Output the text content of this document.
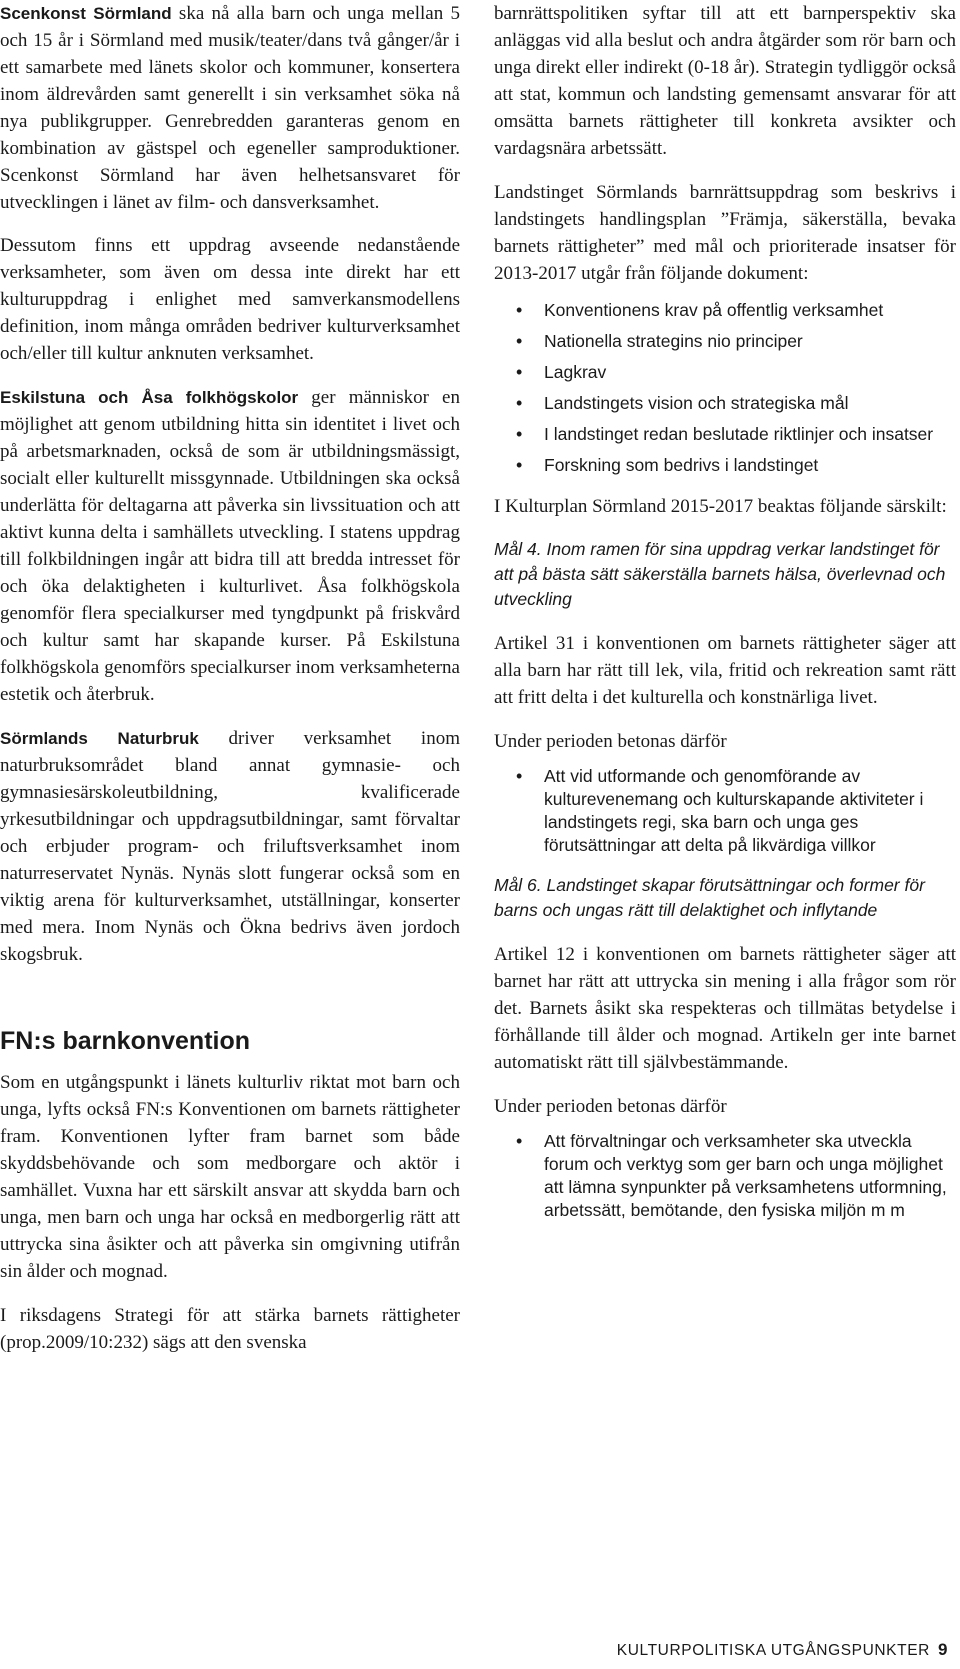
Scenkonst Sörmland ska nå alla barn och unga mellan 5 och 15 år i Sörmland med musik/teater/dans två gånger/år i ett samarbete med länets skolor och kommuner, konsertera inom äldrevården samt generellt i sin verksamhet söka nå nya publikgrupper. Genrebredden garanteras genom en kombination av gästspel och egeneller samproduktioner. Scenkonst Sörmland har även helhetsansvaret för utvecklingen i länet av film- och dansverksamhet.

Dessutom finns ett uppdrag avseende nedanstående verksamheter, som även om dessa inte direkt har ett kulturuppdrag i enlighet med samverkansmodellens definition, inom många områden bedriver kulturverksamhet och/eller till kultur anknuten verksamhet.

Eskilstuna och Åsa folkhögskolor ger människor en möjlighet att genom utbildning hitta sin identitet i livet och på arbetsmarknaden, också de som är utbildningsmässigt, socialt eller kulturellt missgynnade. Utbildningen ska också underlätta för deltagarna att påverka sin livssituation och att aktivt kunna delta i samhällets utveckling. I statens uppdrag till folkbildningen ingår att bidra till att bredda intresset för och öka delaktigheten i kulturlivet. Åsa folkhögskola genomför flera specialkurser med tyngdpunkt på friskvård och kultur samt har skapande kurser. På Eskilstuna folkhögskola genomförs specialkurser inom verksamheterna estetik och återbruk.

Sörmlands Naturbruk driver verksamhet inom naturbruksområdet bland annat gymnasie- och gymnasiesärskoleutbildning, kvalificerade yrkesutbildningar och uppdragsutbildningar, samt förvaltar och erbjuder program- och friluftsverksamhet inom naturreservatet Nynäs. Nynäs slott fungerar också som en viktig arena för kulturverksamhet, utställningar, konserter med mera. Inom Nynäs och Ökna bedrivs även jordoch skogsbruk.

FN:s barnkonvention

Som en utgångspunkt i länets kulturliv riktat mot barn och unga, lyfts också FN:s Konventionen om barnets rättigheter fram. Konventionen lyfter fram barnet som både skyddsbehövande och som medborgare och aktör i samhället. Vuxna har ett särskilt ansvar att skydda barn och unga, men barn och unga har också en medborgerlig rätt att uttrycka sina åsikter och att påverka sin omgivning utifrån sin ålder och mognad.

I riksdagens Strategi för att stärka barnets rättigheter (prop.2009/10:232) sägs att den svenska

barnrättspolitiken syftar till att ett barnperspektiv ska anläggas vid alla beslut och andra åtgärder som rör barn och unga direkt eller indirekt (0-18 år). Strategin tydliggör också att stat, kommun och landsting gemensamt ansvarar för att omsätta barnets rättigheter till konkreta avsikter och vardagsnära arbetssätt.

Landstinget Sörmlands barnrättsuppdrag som beskrivs i landstingets handlingsplan ”Främja, säkerställa, bevaka barnets rättigheter” med mål och prioriterade insatser för 2013-2017 utgår från följande dokument:

• Konventionens krav på offentlig verksamhet
• Nationella strategins nio principer
• Lagkrav
• Landstingets vision och strategiska mål
• I landstinget redan beslutade riktlinjer och insatser
• Forskning som bedrivs i landstinget

I Kulturplan Sörmland 2015-2017 beaktas följande särskilt:

Mål 4. Inom ramen för sina uppdrag verkar landstinget för att på bästa sätt säkerställa barnets hälsa, överlevnad och utveckling

Artikel 31 i konventionen om barnets rättigheter säger att alla barn har rätt till lek, vila, fritid och rekreation samt rätt att fritt delta i det kulturella och konstnärliga livet.

Under perioden betonas därför

• Att vid utformande och genomförande av kulturevenemang och kulturskapande aktiviteter i landstingets regi, ska barn och unga ges förutsättningar att delta på likvärdiga villkor

Mål 6. Landstinget skapar förutsättningar och former för barns och ungas rätt till delaktighet och inflytande

Artikel 12 i konventionen om barnets rättigheter säger att barnet har rätt att uttrycka sin mening i alla frågor som rör det. Barnets åsikt ska respekteras och tillmätas betydelse i förhållande till ålder och mognad. Artikeln ger inte barnet automatiskt rätt till självbestämmande.

Under perioden betonas därför

• Att förvaltningar och verksamheter ska utveckla forum och verktyg som ger barn och unga möjlighet att lämna synpunkter på verksamhetens utformning, arbetssätt, bemötande, den fysiska miljön m m
KULTURPOLITISKA UTGÅNGSPUNKTER 9
